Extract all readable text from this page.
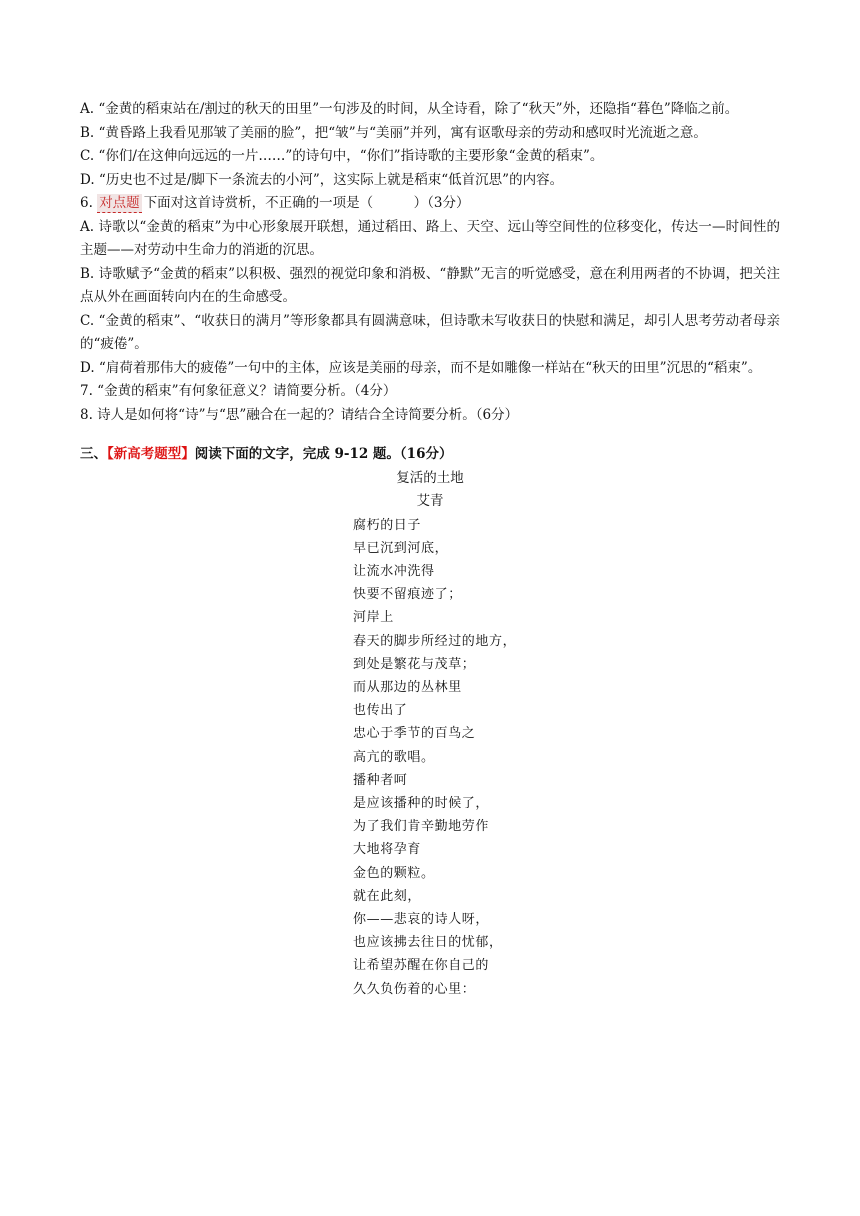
A. “金黄的稻束站在/割过的秋天的田里”一句涉及的时间，从全诗看，除了“秋天”外，还隐指“暮色”降临之前。

B. “黄昏路上我看见那皱了美丽的脸”，把“皱”与“美丽”并列，寓有讴歌母亲的劳动和感叹时光流逝之意。

C. “你们/在这伸向远远的一片……”的诗句中，“你们”指诗歌的主要形象“金黄的稻束”。

D. “历史也不过是/脚下一条流去的小河”，这实际上就是稻束“低首沉思”的内容。

6. 对点题 下面对这首诗赏析，不正确的一项是（　　　）（3分）

A. 诗歌以“金黄的稻束”为中心形象展开联想，通过稻田、路上、天空、远山等空间性的位移变化，传达一—时间性的主题——对劳动中生命力的消逝的沉思。

B. 诗歌赋予“金黄的稻束”以积极、强烈的视觉印象和消极、“静默”无言的听觉感受，意在利用两者的不协调，把关注点从外在画面转向内在的生命感受。

C. “金黄的稻束”、“收获日的满月”等形象都具有圆满意味，但诗歌未写收获日的快慰和满足，却引人思考劳动者母亲的“疲倦”。

D. “肩荷着那伟大的疲倦”一句中的主体，应该是美丽的母亲，而不是如雕像一样站在“秋天的田里”沉思的“稻束”。

7. “金黄的稻束”有何象征意义？请简要分析。（4分）

8. 诗人是如何将“诗”与“思”融合在一起的？请结合全诗简要分析。（6分）

三、【新高考题型】阅读下面的文字，完成 9-12 题。（16分）

复活的土地
艾青
腐朽的日子
早已沉到河底，
让流水冲洗得
快要不留痕迹了；
河岸上
春天的脚步所经过的地方，
到处是繁花与茂草；
而从那边的丛林里
也传出了
忠心于季节的百鸟之
高亢的歌唱。
播种者呵
是应该播种的时候了，
为了我们肯辛勤地劳作
大地将孕育
金色的颗粒。
就在此刻，
你——悲哀的诗人呀，
也应该拂去往日的忧郁，
让希望苏醒在你自己的
久久负伤着的心里：
